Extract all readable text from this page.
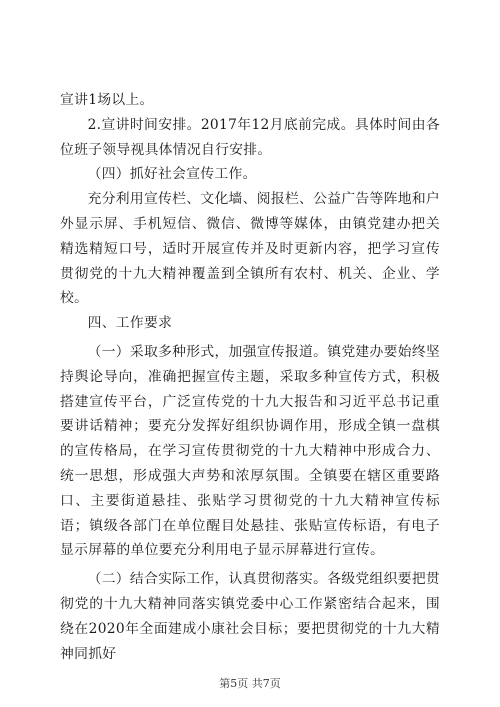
宣讲1场以上。

2.宣讲时间安排。2017年12月底前完成。具体时间由各位班子领导视具体情况自行安排。

（四）抓好社会宣传工作。

充分利用宣传栏、文化墙、阅报栏、公益广告等阵地和户外显示屏、手机短信、微信、微博等媒体，由镇党建办把关精选精短口号，适时开展宣传并及时更新内容，把学习宣传贯彻党的十九大精神覆盖到全镇所有农村、机关、企业、学校。

四、工作要求

（一）采取多种形式，加强宣传报道。镇党建办要始终坚持舆论导向，准确把握宣传主题，采取多种宣传方式，积极搭建宣传平台，广泛宣传党的十九大报告和习近平总书记重要讲话精神；要充分发挥好组织协调作用，形成全镇一盘棋的宣传格局，在学习宣传贯彻党的十九大精神中形成合力、统一思想，形成强大声势和浓厚氛围。全镇要在辖区重要路口、主要街道悬挂、张贴学习贯彻党的十九大精神宣传标语；镇级各部门在单位醒目处悬挂、张贴宣传标语，有电子显示屏幕的单位要充分利用电子显示屏幕进行宣传。

（二）结合实际工作，认真贯彻落实。各级党组织要把贯彻党的十九大精神同落实镇党委中心工作紧密结合起来，围绕在2020年全面建成小康社会目标；要把贯彻党的十九大精神同抓好

第5页 共7页
